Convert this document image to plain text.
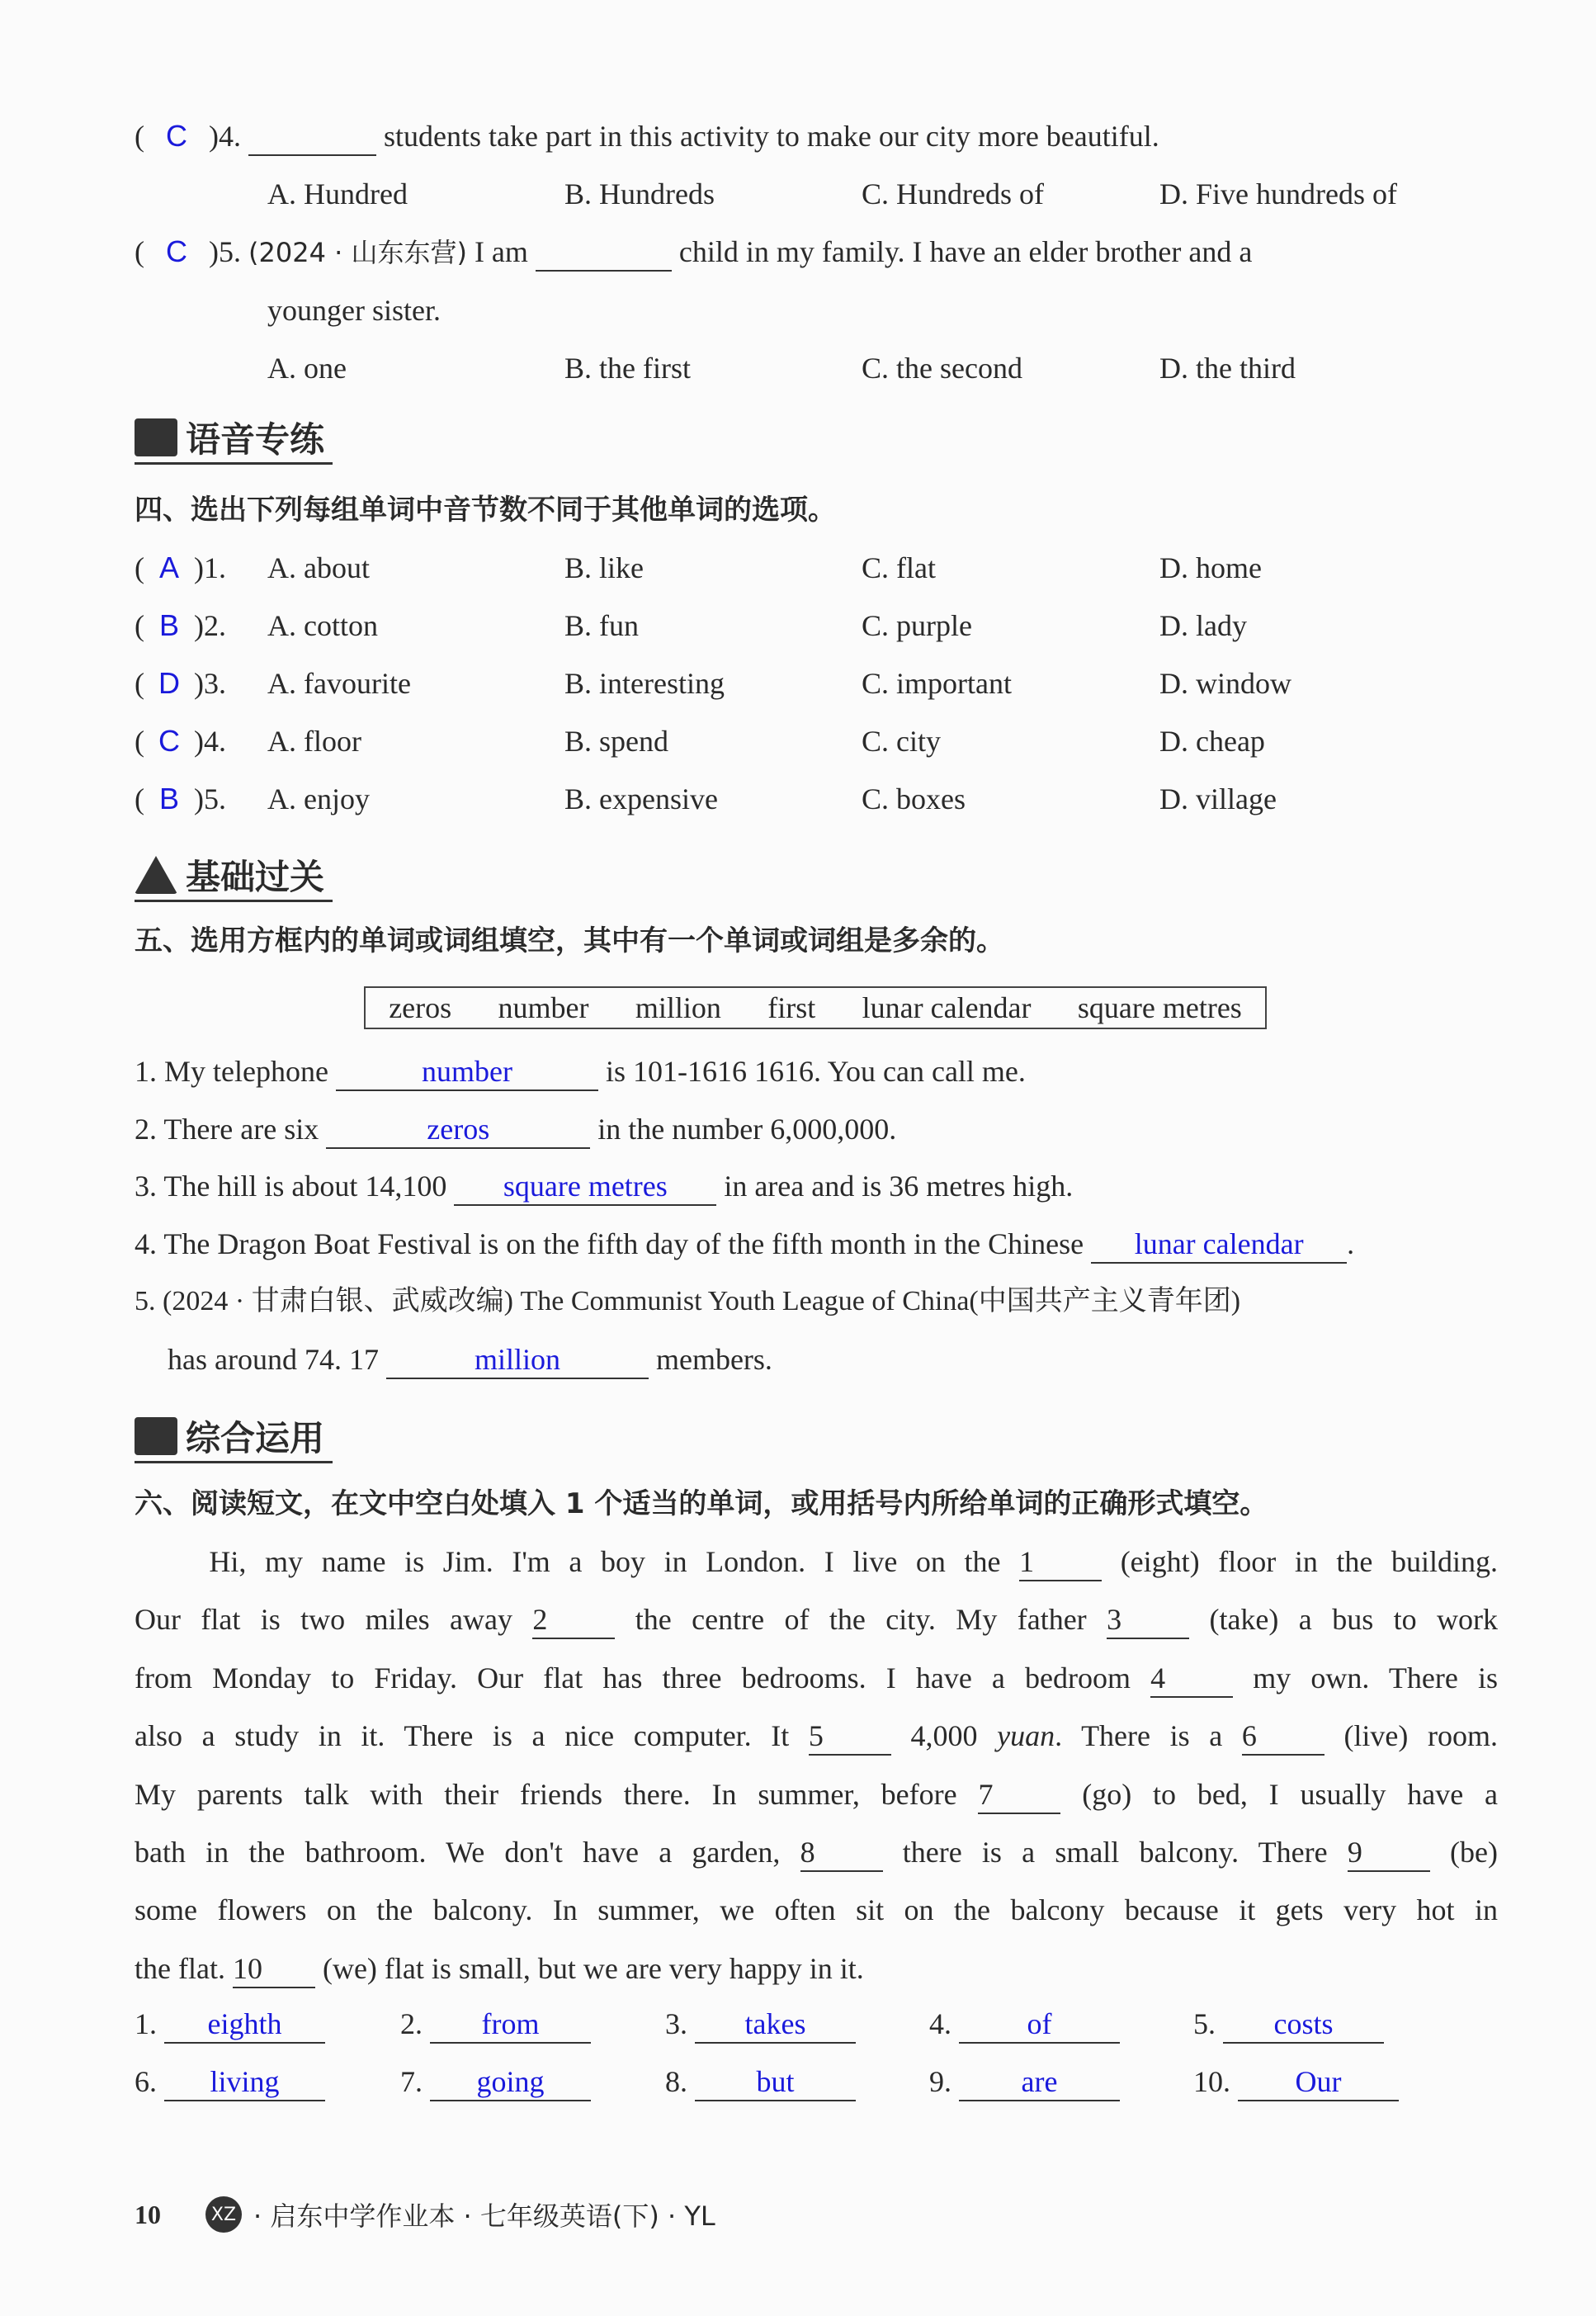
( C )4.	students take part in this activity to make our city more beautiful.
A. Hundred	B. Hundreds	C. Hundreds of	D. Five hundreds of
( C )5. (2024 · 山东东营) I am	child in my family. I have an elder brother and a
younger sister.
A. one	B. the first	C. the second	D. the third
语音专练
四、选出下列每组单词中音节数不同于其他单词的选项。
( A )1. A. about	B. like	C. flat	D. home
( B )2. A. cotton	B. fun	C. purple	D. lady
( D )3. A. favourite	B. interesting	C. important	D. window
( C )4. A. floor	B. spend	C. city	D. cheap
( B )5. A. enjoy	B. expensive	C. boxes	D. village
基础过关
五、选用方框内的单词或词组填空，其中有一个单词或词组是多余的。
zeros number million first lunar calendar square metres
1. My telephone	number	is 101-1616 1616. You can call me.
2. There are six	zeros	in the number 6,000,000.
3. The hill is about 14,100 square metres in area and is 36 metres high.
4. The Dragon Boat Festival is on the fifth day of the fifth month in the Chinese lunar calendar .
5. (2024 · 甘肃白银、武威改编) The Communist Youth League of China(中国共产主义青年团)
has around 74. 17	million	members.
综合运用
六、阅读短文，在文中空白处填入 1 个适当的单词，或用括号内所给单词的正确形式填空。
Hi, my name is Jim. I'm a boy in London. I live on the 1 (eight) floor in the building.
Our flat is two miles away 2 the centre of the city. My father 3 (take) a bus to work
from Monday to Friday. Our flat has three bedrooms. I have a bedroom 4 my own. There is
also a study in it. There is a nice computer. It 5 4,000 yuan. There is a 6 (live) room.
My parents talk with their friends there. In summer, before 7 (go) to bed, I usually have a
bath in the bathroom. We don't have a garden, 8 there is a small balcony. There 9 (be)
some flowers on the balcony. In summer, we often sit on the balcony because it gets very hot in
the flat. 10 (we) flat is small, but we are very happy in it.
1. eighth	2. from	3. takes	4.	of	5. costs
6. living	7. going	8. but	9. are	10. Our
10	XZ · 启东中学作业本 · 七年级英语(下) · YL
